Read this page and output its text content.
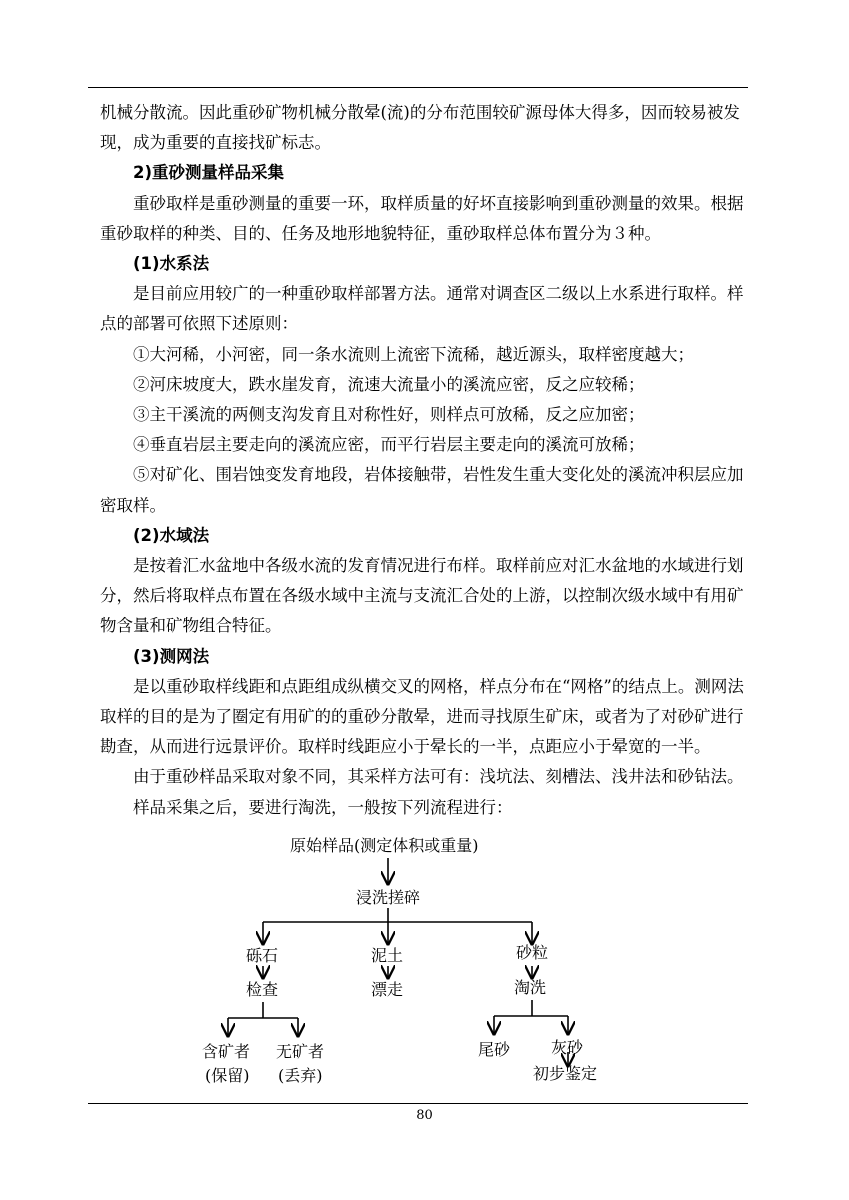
机械分散流。因此重砂矿物机械分散晕(流)的分布范围较矿源母体大得多，因而较易被发现，成为重要的直接找矿标志。

2)重砂测量样品采集

重砂取样是重砂测量的重要一环，取样质量的好坏直接影响到重砂测量的效果。根据重砂取样的种类、目的、任务及地形地貌特征，重砂取样总体布置分为３种。

(1)水系法

是目前应用较广的一种重砂取样部署方法。通常对调查区二级以上水系进行取样。样点的部署可依照下述原则：

①大河稀，小河密，同一条水流则上流密下流稀，越近源头，取样密度越大；

②河床坡度大，跌水崖发育，流速大流量小的溪流应密，反之应较稀；

③主干溪流的两侧支沟发育且对称性好，则样点可放稀，反之应加密；

④垂直岩层主要走向的溪流应密，而平行岩层主要走向的溪流可放稀；

⑤对矿化、围岩蚀变发育地段，岩体接触带，岩性发生重大变化处的溪流冲积层应加密取样。

(2)水域法

是按着汇水盆地中各级水流的发育情况进行布样。取样前应对汇水盆地的水域进行划分，然后将取样点布置在各级水域中主流与支流汇合处的上游，以控制次级水域中有用矿物含量和矿物组合特征。

(3)测网法

是以重砂取样线距和点距组成纵横交叉的网格，样点分布在“网格”的结点上。测网法取样的目的是为了圈定有用矿的的重砂分散晕，进而寻找原生矿床，或者为了对砂矿进行勘查，从而进行远景评价。取样时线距应小于晕长的一半，点距应小于晕宽的一半。

由于重砂样品采取对象不同，其采样方法可有：浅坑法、刻槽法、浅井法和砂钻法。

样品采集之后，要进行淘洗，一般按下列流程进行：

原始样品(测定体积或重量)
浸洗搓碎
砾石	泥土	砂粒
检查	漂走	淘洗
含矿者
(保留)
无矿者
(丢弃)
尾砂	灰砂
初步鉴定
80
